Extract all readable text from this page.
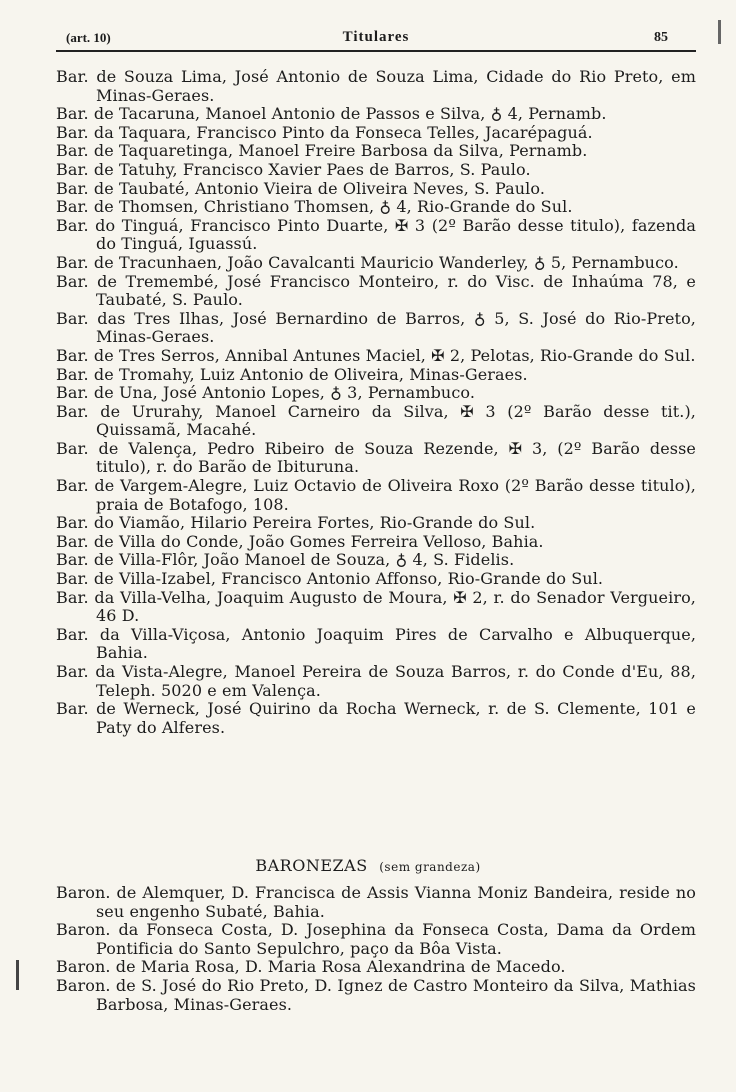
(art. 10)	Titulares	85

Bar. de Souza Lima, José Antonio de Souza Lima, Cidade do Rio Preto, em Minas-Geraes.

Bar. de Tacaruna, Manoel Antonio de Passos e Silva, ♁ 4, Pernamb.

Bar. da Taquara, Francisco Pinto da Fonseca Telles, Jacarépaguá.

Bar. de Taquaretinga, Manoel Freire Barbosa da Silva, Pernamb.

Bar. de Tatuhy, Francisco Xavier Paes de Barros, S. Paulo.

Bar. de Taubaté, Antonio Vieira de Oliveira Neves, S. Paulo.

Bar. de Thomsen, Christiano Thomsen, ♁ 4, Rio-Grande do Sul.

Bar. do Tinguá, Francisco Pinto Duarte, ✠ 3 (2º Barão desse titulo), fazenda do Tinguá, Iguassú.

Bar. de Tracunhaen, João Cavalcanti Mauricio Wanderley, ♁ 5, Pernambuco.

Bar. de Tremembé, José Francisco Monteiro, r. do Visc. de Inhaúma 78, e Taubaté, S. Paulo.

Bar. das Tres Ilhas, José Bernardino de Barros, ♁ 5, S. José do Rio-Preto, Minas-Geraes.

Bar. de Tres Serros, Annibal Antunes Maciel, ✠ 2, Pelotas, Rio-Grande do Sul.

Bar. de Tromahy, Luiz Antonio de Oliveira, Minas-Geraes.

Bar. de Una, José Antonio Lopes, ♁ 3, Pernambuco.

Bar. de Ururahy, Manoel Carneiro da Silva, ✠ 3 (2º Barão desse tit.), Quissamã, Macahé.

Bar. de Valença, Pedro Ribeiro de Souza Rezende, ✠ 3, (2º Barão desse titulo), r. do Barão de Ibituruna.

Bar. de Vargem-Alegre, Luiz Octavio de Oliveira Roxo (2º Barão desse titulo), praia de Botafogo, 108.

Bar. do Viamão, Hilario Pereira Fortes, Rio-Grande do Sul.

Bar. de Villa do Conde, João Gomes Ferreira Velloso, Bahia.

Bar. de Villa-Flôr, João Manoel de Souza, ♁ 4, S. Fidelis.

Bar. de Villa-Izabel, Francisco Antonio Affonso, Rio-Grande do Sul.

Bar. da Villa-Velha, Joaquim Augusto de Moura, ✠ 2, r. do Senador Vergueiro, 46 D.

Bar. da Villa-Viçosa, Antonio Joaquim Pires de Carvalho e Albuquerque, Bahia.

Bar. da Vista-Alegre, Manoel Pereira de Souza Barros, r. do Conde d'Eu, 88, Teleph. 5020 e em Valença.

Bar. de Werneck, José Quirino da Rocha Werneck, r. de S. Clemente, 101 e Paty do Alferes.

BARONEZAS (sem grandeza)

Baron. de Alemquer, D. Francisca de Assis Vianna Moniz Bandeira, reside no seu engenho Subaté, Bahia.

Baron. da Fonseca Costa, D. Josephina da Fonseca Costa, Dama da Ordem Pontificia do Santo Sepulchro, paço da Bôa Vista.

Baron. de Maria Rosa, D. Maria Rosa Alexandrina de Macedo.

Baron. de S. José do Rio Preto, D. Ignez de Castro Monteiro da Silva, Mathias Barbosa, Minas-Geraes.
